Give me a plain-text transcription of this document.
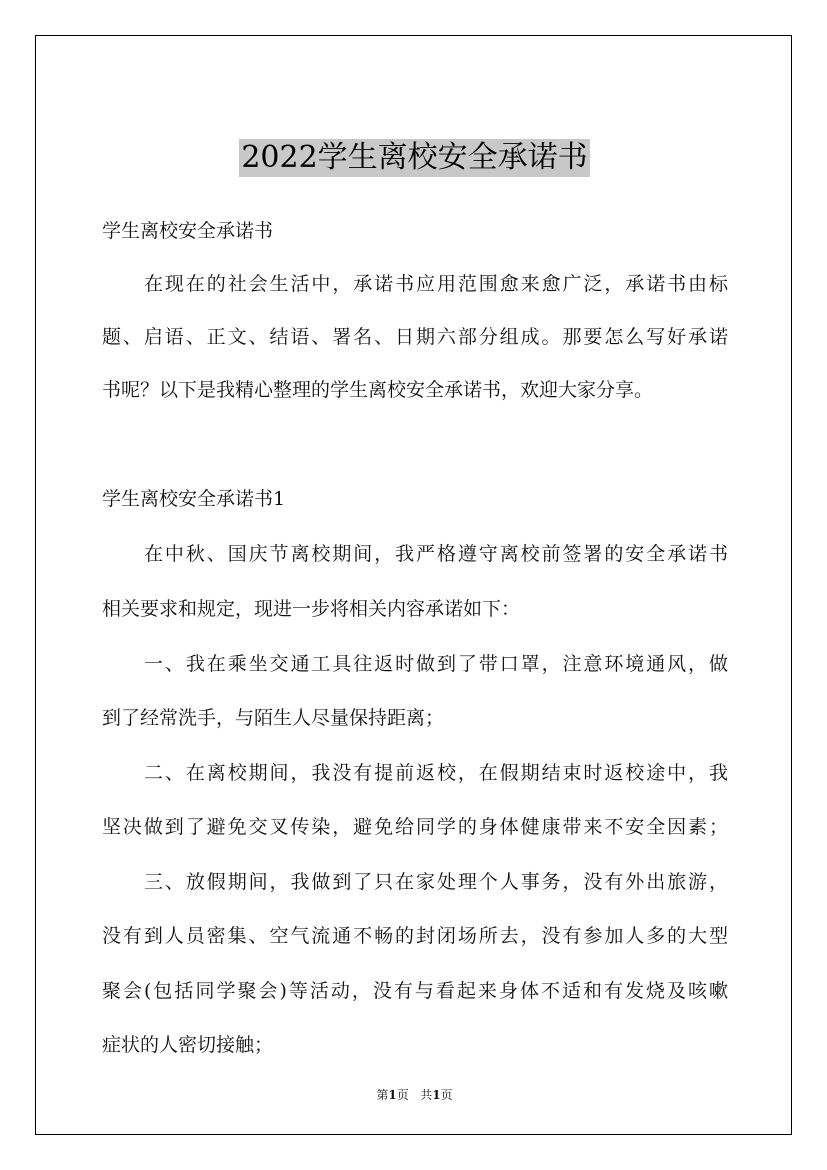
2022学生离校安全承诺书
学生离校安全承诺书
在现在的社会生活中，承诺书应用范围愈来愈广泛，承诺书由标
题、启语、正文、结语、署名、日期六部分组成。那要怎么写好承诺
书呢？以下是我精心整理的学生离校安全承诺书，欢迎大家分享。
学生离校安全承诺书1
在中秋、国庆节离校期间，我严格遵守离校前签署的安全承诺书
相关要求和规定，现进一步将相关内容承诺如下：
一、我在乘坐交通工具往返时做到了带口罩，注意环境通风，做
到了经常洗手，与陌生人尽量保持距离；
二、在离校期间，我没有提前返校，在假期结束时返校途中，我
坚决做到了避免交叉传染，避免给同学的身体健康带来不安全因素；
三、放假期间，我做到了只在家处理个人事务，没有外出旅游，
没有到人员密集、空气流通不畅的封闭场所去，没有参加人多的大型
聚会(包括同学聚会)等活动，没有与看起来身体不适和有发烧及咳嗽
症状的人密切接触；
第1页 共1页
